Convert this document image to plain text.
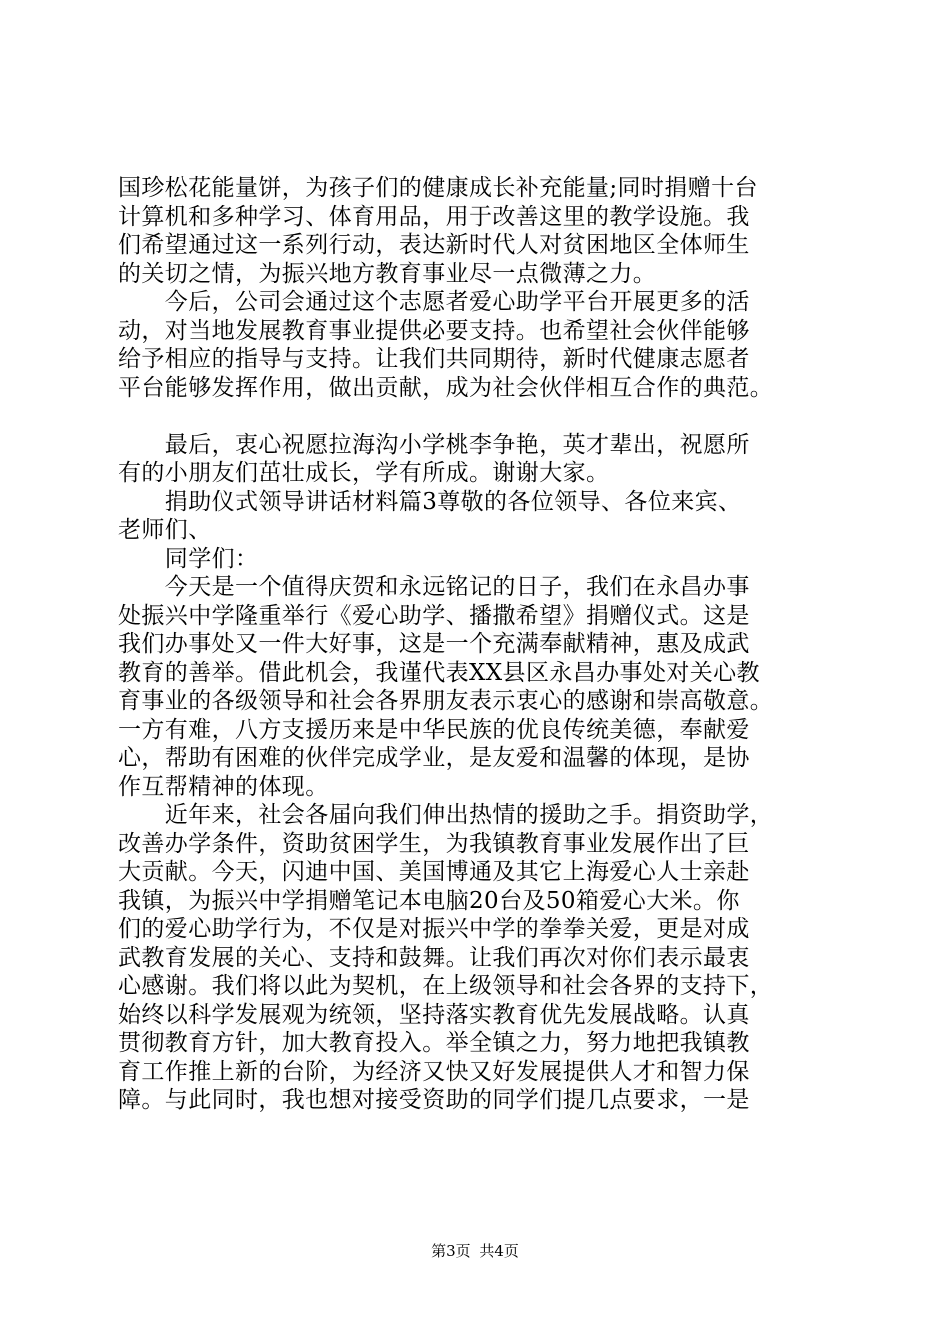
国珍松花能量饼，为孩子们的健康成长补充能量;同时捐赠十台
计算机和多种学习、体育用品，用于改善这里的教学设施。我
们希望通过这一系列行动，表达新时代人对贫困地区全体师生
的关切之情，为振兴地方教育事业尽一点微薄之力。
　　今后，公司会通过这个志愿者爱心助学平台开展更多的活
动，对当地发展教育事业提供必要支持。也希望社会伙伴能够
给予相应的指导与支持。让我们共同期待，新时代健康志愿者
平台能够发挥作用，做出贡献，成为社会伙伴相互合作的典范。
　　最后，衷心祝愿拉海沟小学桃李争艳，英才辈出，祝愿所
有的小朋友们茁壮成长，学有所成。谢谢大家。
　　捐助仪式领导讲话材料篇3尊敬的各位领导、各位来宾、
老师们、
　　同学们：
　　今天是一个值得庆贺和永远铭记的日子，我们在永昌办事
处振兴中学隆重举行《爱心助学、播撒希望》捐赠仪式。这是
我们办事处又一件大好事，这是一个充满奉献精神，惠及成武
教育的善举。借此机会，我谨代表XX县区永昌办事处对关心教
育事业的各级领导和社会各界朋友表示衷心的感谢和崇高敬意。
一方有难，八方支援历来是中华民族的优良传统美德，奉献爱
心，帮助有困难的伙伴完成学业，是友爱和温馨的体现，是协
作互帮精神的体现。
　　近年来，社会各届向我们伸出热情的援助之手。捐资助学，
改善办学条件，资助贫困学生，为我镇教育事业发展作出了巨
大贡献。今天，闪迪中国、美国博通及其它上海爱心人士亲赴
我镇，为振兴中学捐赠笔记本电脑20台及50箱爱心大米。你
们的爱心助学行为，不仅是对振兴中学的拳拳关爱，更是对成
武教育发展的关心、支持和鼓舞。让我们再次对你们表示最衷
心感谢。我们将以此为契机，在上级领导和社会各界的支持下，
始终以科学发展观为统领，坚持落实教育优先发展战略。认真
贯彻教育方针，加大教育投入。举全镇之力，努力地把我镇教
育工作推上新的台阶，为经济又快又好发展提供人才和智力保
障。与此同时，我也想对接受资助的同学们提几点要求，一是
第3页 共4页
